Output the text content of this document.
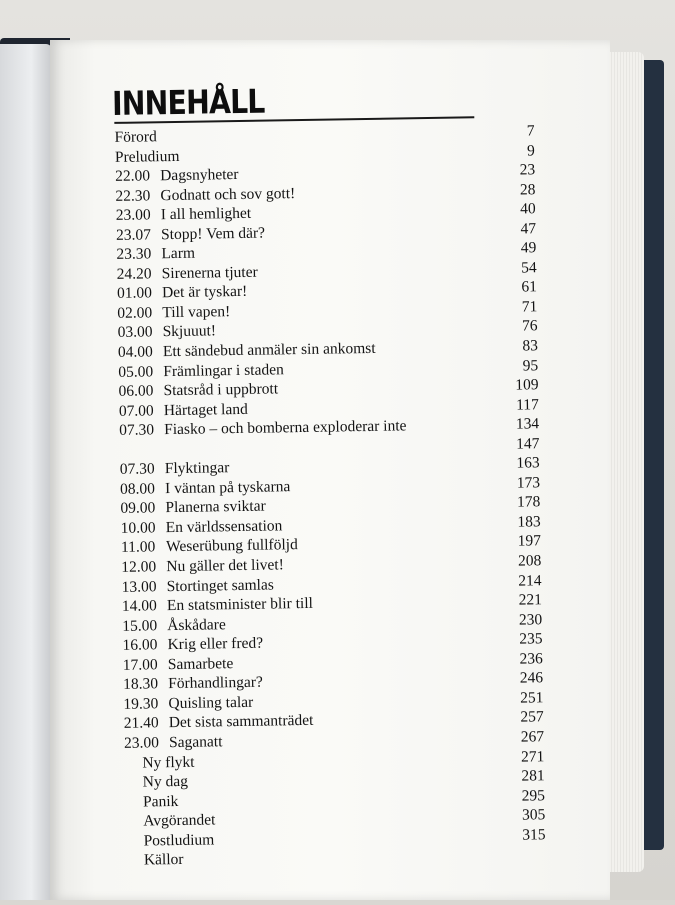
INNEHÅLL
Förord	7
Preludium	9
22.00 Dagsnyheter	23
22.30 Godnatt och sov gott!	28
23.00 I all hemlighet	40
23.07 Stopp! Vem där?	47
23.30 Larm	49
24.20 Sirenerna tjuter	54
01.00 Det är tyskar!	61
02.00 Till vapen!	71
03.00 Skjuuut!	76
04.00 Ett sändebud anmäler sin ankomst	83
05.00 Främlingar i staden	95
06.00 Statsråd i uppbrott	109
07.00 Härtaget land	117
07.30 Fiasko – och bomberna exploderar inte	134
147
07.30 Flyktingar	163
08.00 I väntan på tyskarna	173
09.00 Planerna sviktar	178
10.00 En världssensation	183
11.00 Weserübung fullföljd	197
12.00 Nu gäller det livet!	208
13.00 Stortinget samlas	214
14.00 En statsminister blir till	221
15.00 Åskådare	230
16.00 Krig eller fred?	235
17.00 Samarbete	236
18.30 Förhandlingar?	246
19.30 Quisling talar	251
21.40 Det sista sammanträdet	257
23.00 Saganatt	267
Ny flykt	271
Ny dag	281
Panik	295
Avgörandet	305
Postludium	315
Källor
